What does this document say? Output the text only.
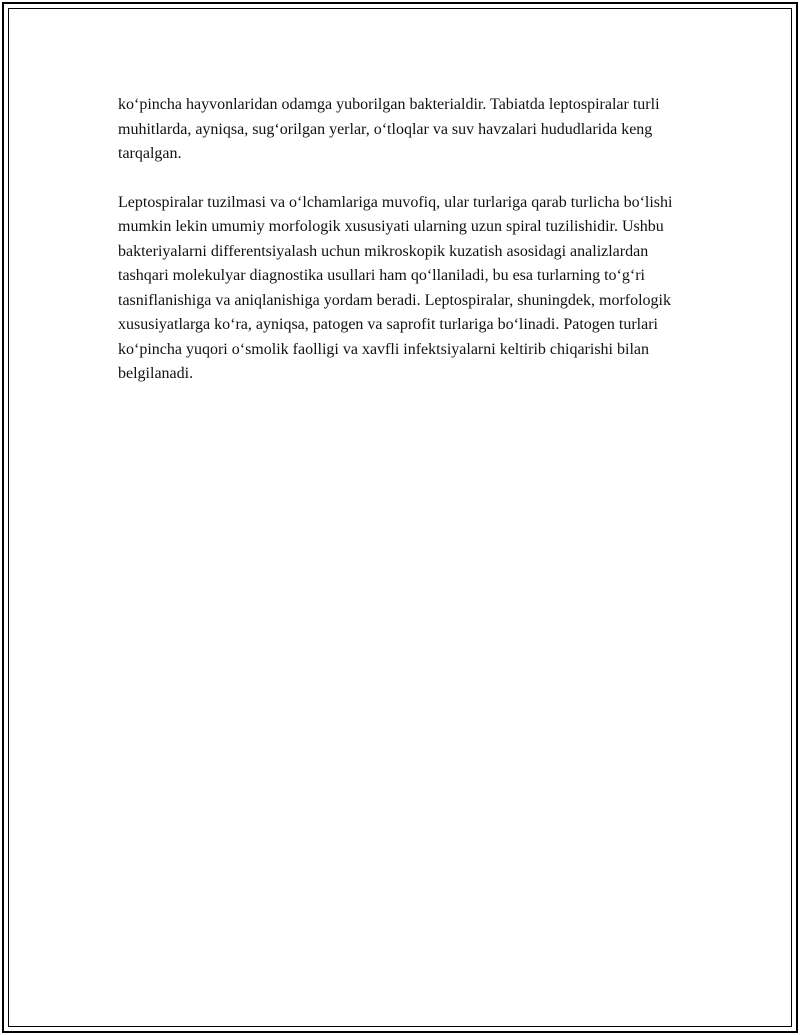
ko‘pincha hayvonlaridan odamga yuborilgan bakterialdir. Tabiatda leptospiralar turli muhitlarda, ayniqsa, sug‘orilgan yerlar, o‘tloqlar va suv havzalari hududlarida keng tarqalgan.

Leptospiralar tuzilmasi va o‘lchamlariga muvofiq, ular turlariga qarab turlicha bo‘lishi mumkin lekin umumiy morfologik xususiyati ularning uzun spiral tuzilishidir. Ushbu bakteriyalarni differentsiyalash uchun mikroskopik kuzatish asosidagi analizlardan tashqari molekulyar diagnostika usullari ham qo‘llaniladi, bu esa turlarning to‘g‘ri tasniflanishiga va aniqlanishiga yordam beradi. Leptospiralar, shuningdek, morfologik xususiyatlarga ko‘ra, ayniqsa, patogen va saprofit turlariga bo‘linadi. Patogen turlari ko‘pincha yuqori o‘smolik faolligi va xavfli infektsiyalarni keltirib chiqarishi bilan belgilanadi.
